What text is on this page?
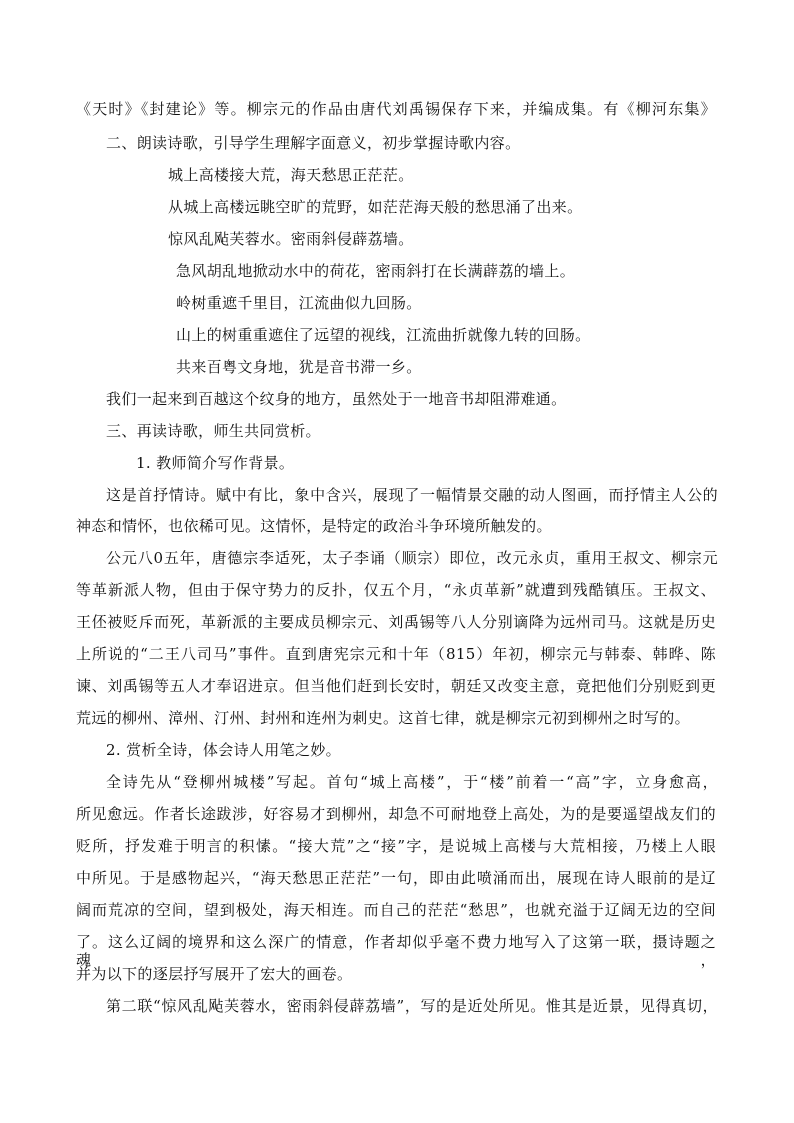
《天时》《封建论》等。柳宗元的作品由唐代刘禹锡保存下来，并编成集。有《柳河东集》
二、朗读诗歌，引导学生理解字面意义，初步掌握诗歌内容。
城上高楼接大荒，海天愁思正茫茫。
从城上高楼远眺空旷的荒野，如茫茫海天般的愁思涌了出来。
惊风乱飐芙蓉水。密雨斜侵薜荔墙。
急风胡乱地掀动水中的荷花，密雨斜打在长满薜荔的墙上。
岭树重遮千里目，江流曲似九回肠。
山上的树重重遮住了远望的视线，江流曲折就像九转的回肠。
共来百粤文身地，犹是音书滞一乡。
我们一起来到百越这个纹身的地方，虽然处于一地音书却阻滞难通。
三、再读诗歌，师生共同赏析。
1. 教师简介写作背景。
这是首抒情诗。赋中有比，象中含兴，展现了一幅情景交融的动人图画，而抒情主人公的
神态和情怀，也依稀可见。这情怀，是特定的政治斗争环境所触发的。
公元八0五年，唐德宗李适死，太子李诵（顺宗）即位，改元永贞，重用王叔文、柳宗元
等革新派人物，但由于保守势力的反扑，仅五个月，“永贞革新”就遭到残酷镇压。王叔文、
王伾被贬斥而死，革新派的主要成员柳宗元、刘禹锡等八人分别谪降为远州司马。这就是历史
上所说的“二王八司马”事件。直到唐宪宗元和十年（815）年初，柳宗元与韩泰、韩晔、陈
谏、刘禹锡等五人才奉诏进京。但当他们赶到长安时，朝廷又改变主意，竟把他们分别贬到更
荒远的柳州、漳州、汀州、封州和连州为刺史。这首七律，就是柳宗元初到柳州之时写的。
2. 赏析全诗，体会诗人用笔之妙。
全诗先从“登柳州城楼”写起。首句“城上高楼”，于“楼”前着一“高”字，立身愈高，
所见愈远。作者长途跋涉，好容易才到柳州，却急不可耐地登上高处，为的是要遥望战友们的
贬所，抒发难于明言的积愫。“接大荒”之“接”字，是说城上高楼与大荒相接，乃楼上人眼
中所见。于是感物起兴，“海天愁思正茫茫”一句，即由此喷涌而出，展现在诗人眼前的是辽
阔而荒凉的空间，望到极处，海天相连。而自己的茫茫“愁思”，也就充溢于辽阔无边的空间
了。这么辽阔的境界和这么深广的情意，作者却似乎毫不费力地写入了这第一联，摄诗题之魂，
并为以下的逐层抒写展开了宏大的画卷。
第二联“惊风乱飐芙蓉水，密雨斜侵薜荔墙”，写的是近处所见。惟其是近景，见得真切，
